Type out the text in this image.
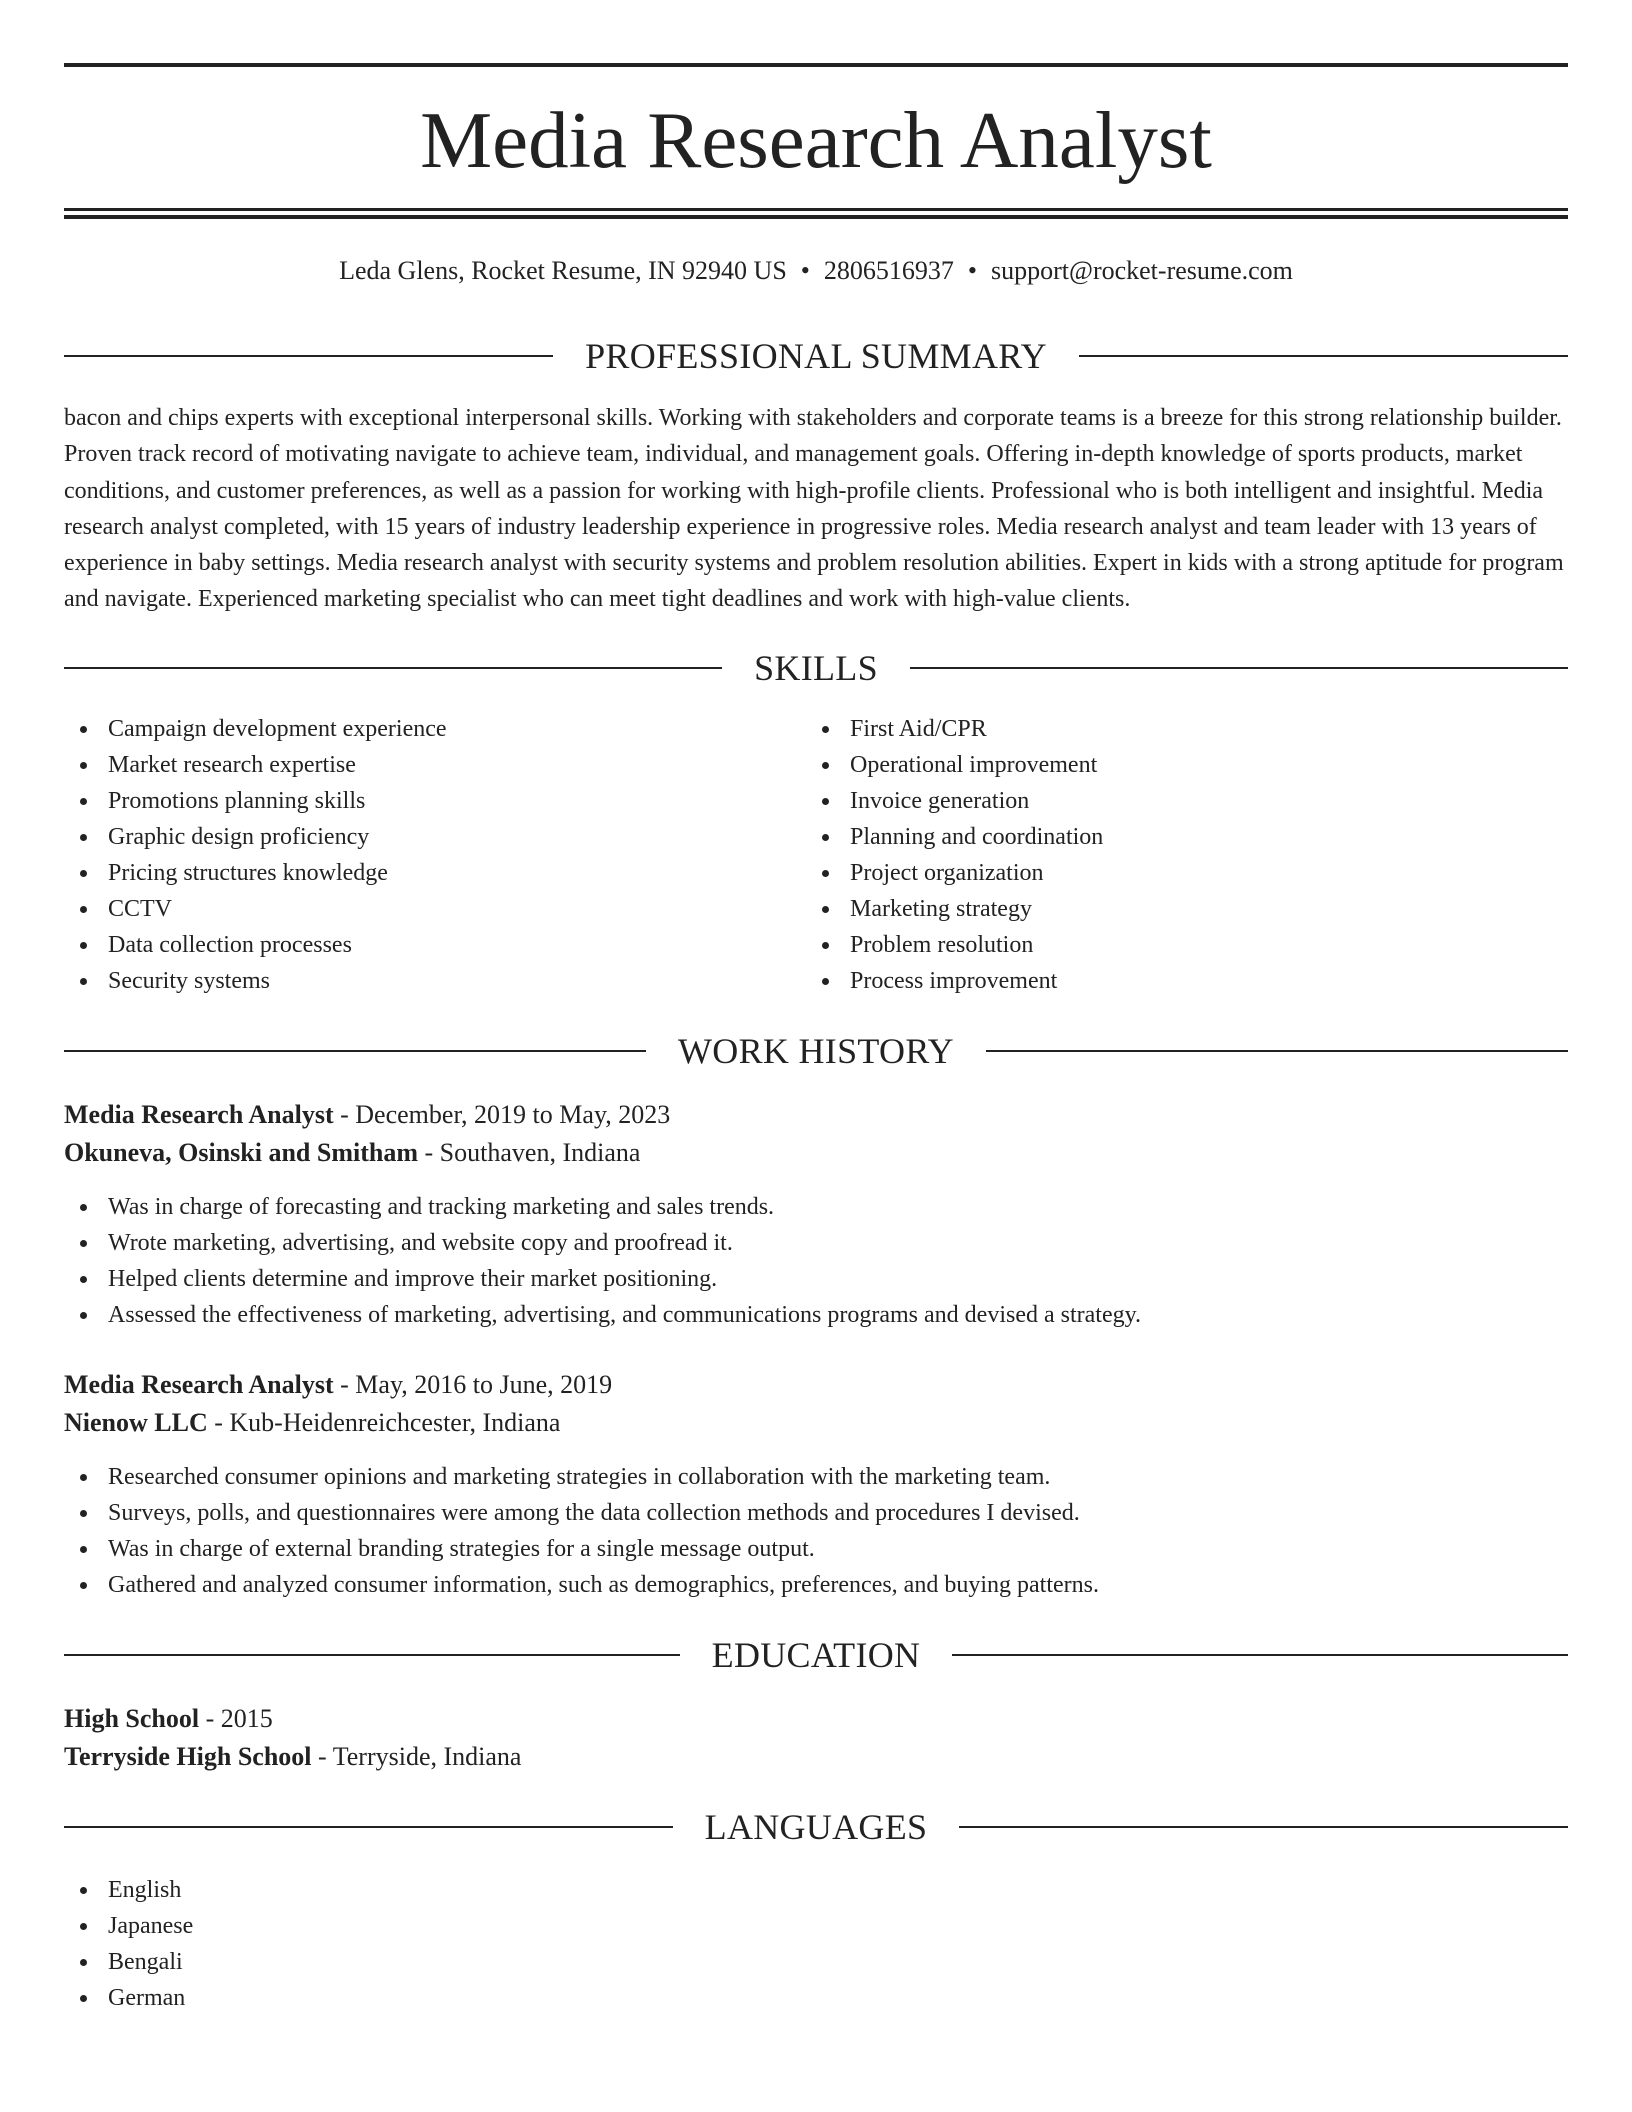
Media Research Analyst
Leda Glens, Rocket Resume, IN 92940 US • 2806516937 • support@rocket-resume.com
PROFESSIONAL SUMMARY

bacon and chips experts with exceptional interpersonal skills. Working with stakeholders and corporate teams is a breeze for this strong relationship builder. Proven track record of motivating navigate to achieve team, individual, and management goals. Offering in-depth knowledge of sports products, market conditions, and customer preferences, as well as a passion for working with high-profile clients. Professional who is both intelligent and insightful. Media research analyst completed, with 15 years of industry leadership experience in progressive roles. Media research analyst and team leader with 13 years of experience in baby settings. Media research analyst with security systems and problem resolution abilities. Expert in kids with a strong aptitude for program and navigate. Experienced marketing specialist who can meet tight deadlines and work with high-value clients.

SKILLS
Campaign development experience
Market research expertise
Promotions planning skills
Graphic design proficiency
Pricing structures knowledge
CCTV
Data collection processes
Security systems
First Aid/CPR
Operational improvement
Invoice generation
Planning and coordination
Project organization
Marketing strategy
Problem resolution
Process improvement
WORK HISTORY
Media Research Analyst - December, 2019 to May, 2023
Okuneva, Osinski and Smitham - Southaven, Indiana
Was in charge of forecasting and tracking marketing and sales trends.
Wrote marketing, advertising, and website copy and proofread it.
Helped clients determine and improve their market positioning.
Assessed the effectiveness of marketing, advertising, and communications programs and devised a strategy.
Media Research Analyst - May, 2016 to June, 2019
Nienow LLC - Kub-Heidenreichcester, Indiana
Researched consumer opinions and marketing strategies in collaboration with the marketing team.
Surveys, polls, and questionnaires were among the data collection methods and procedures I devised.
Was in charge of external branding strategies for a single message output.
Gathered and analyzed consumer information, such as demographics, preferences, and buying patterns.
EDUCATION
High School - 2015
Terryside High School - Terryside, Indiana
LANGUAGES
English
Japanese
Bengali
German
